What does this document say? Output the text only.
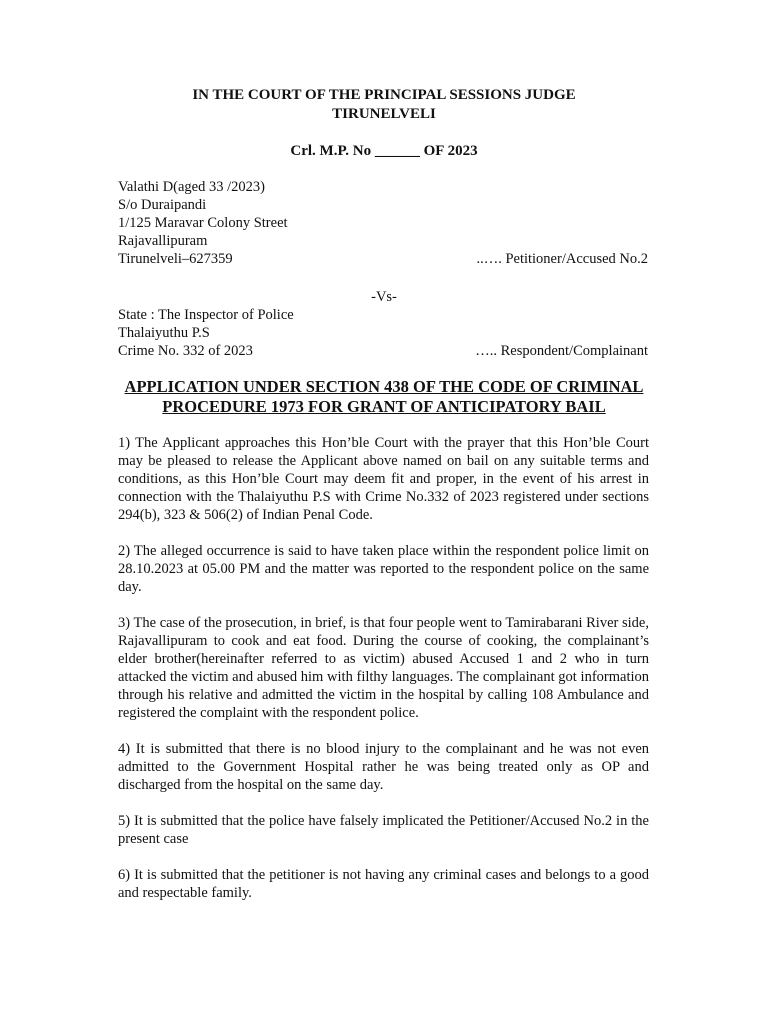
IN THE COURT OF THE PRINCIPAL SESSIONS JUDGE
TIRUNELVELI
Crl. M.P. No ______ OF 2023
Valathi D(aged 33 /2023)
S/o Duraipandi
1/125 Maravar Colony Street
Rajavallipuram
Tirunelveli–627359	..…. Petitioner/Accused No.2
-Vs-
State : The Inspector of Police
Thalaiyuthu P.S
Crime No. 332 of 2023	….. Respondent/Complainant
APPLICATION UNDER SECTION 438 OF THE CODE OF CRIMINAL
PROCEDURE 1973 FOR GRANT OF ANTICIPATORY BAIL

1) The Applicant approaches this Hon’ble Court with the prayer that this Hon’ble Court may be pleased to release the Applicant above named on bail on any suitable terms and conditions, as this Hon’ble Court may deem fit and proper, in the event of his arrest in connection with the Thalaiyuthu P.S with Crime No.332 of 2023 registered under sections 294(b), 323 & 506(2) of Indian Penal Code.

2) The alleged occurrence is said to have taken place within the respondent police limit on 28.10.2023 at 05.00 PM and the matter was reported to the respondent police on the same day.

3) The case of the prosecution, in brief, is that four people went to Tamirabarani River side, Rajavallipuram to cook and eat food. During the course of cooking, the complainant’s elder brother(hereinafter referred to as victim) abused Accused 1 and 2 who in turn attacked the victim and abused him with filthy languages. The complainant got information through his relative and admitted the victim in the hospital by calling 108 Ambulance and registered the complaint with the respondent police.

4) It is submitted that there is no blood injury to the complainant and he was not even admitted to the Government Hospital rather he was being treated only as OP and discharged from the hospital on the same day.

5) It is submitted that the police have falsely implicated the Petitioner/Accused No.2 in the present case

6) It is submitted that the petitioner is not having any criminal cases and belongs to a good and respectable family.
